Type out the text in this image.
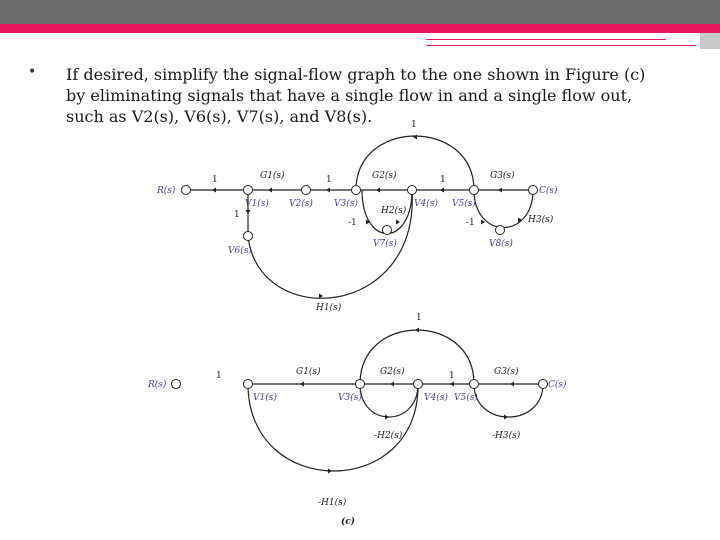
• If desired, simplify the signal-flow graph to the one shown in Figure (c) by eliminating signals that have a single flow in and a single flow out, such as V2(s), V6(s), V7(s), and V8(s).
R(s)
V1(s) V2(s) V3(s)	V4(s) V5(s)
C(s)
V6(s)
V7(s)	V8(s)
1	G1(s)	1	G2(s)	1	G3(s)
1
-1
H2(s)
-1	H3(s)
H1(s)
1
R(s)
V1(s)	V3(s)	V4(s) V5(s)
C(s)
1	G1(s)	G2(s)	1	G3(s)
-H2(s)	-H3(s)
-H1(s)
1
(c)
